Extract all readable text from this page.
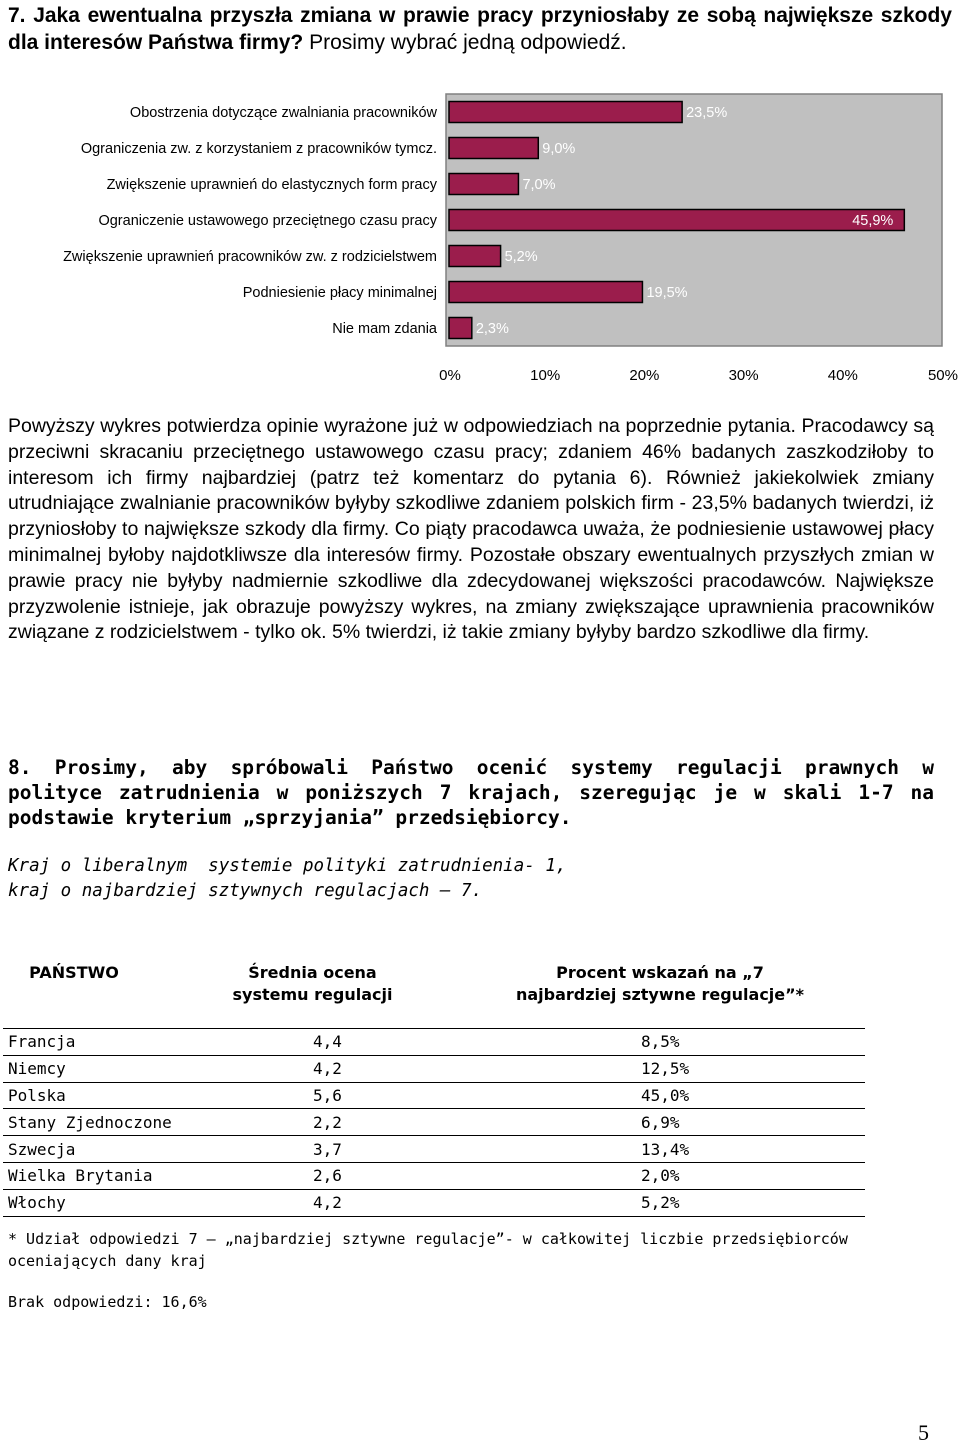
7. Jaka ewentualna przyszła zmiana w prawie pracy przyniosłaby ze sobą największe szkody dla interesów Państwa firmy? Prosimy wybrać jedną odpowiedź.
Obostrzenia dotyczące zwalniania pracowników
Ograniczenia zw. z korzystaniem z pracowników tymcz.
Zwiększenie uprawnień do elastycznych form pracy
Ograniczenie ustawowego przeciętnego czasu pracy
Zwiększenie uprawnień pracowników zw. z rodzicielstwem
Podniesienie płacy minimalnej
Nie mam zdania
23,5%
9,0%
7,0%
45,9%
5,2%
19,5%
2,3%
0%	10%	20%	30%	40%	50%
Powyższy wykres potwierdza opinie wyrażone już w odpowiedziach na poprzednie pytania. Pracodawcy są przeciwni skracaniu przeciętnego ustawowego czasu pracy; zdaniem 46% badanych zaszkodziłoby to interesom ich firmy najbardziej (patrz też komentarz do pytania 6). Również jakiekolwiek zmiany utrudniające zwalnianie pracowników byłyby szkodliwe zdaniem polskich firm - 23,5% badanych twierdzi, iż przyniosłoby to największe szkody dla firmy. Co piąty pracodawca uważa, że podniesienie ustawowej płacy minimalnej byłoby najdotkliwsze dla interesów firmy. Pozostałe obszary ewentualnych przyszłych zmian w prawie pracy nie byłyby nadmiernie szkodliwe dla zdecydowanej większości pracodawców. Największe przyzwolenie istnieje, jak obrazuje powyższy wykres, na zmiany zwiększające uprawnienia pracowników związane z rodzicielstwem - tylko ok. 5% twierdzi, iż takie zmiany byłyby bardzo szkodliwe dla firmy.
8. Prosimy, aby spróbowali Państwo ocenić systemy regulacji prawnych w polityce zatrudnienia w poniższych 7 krajach, szeregując je w skali 1-7 na podstawie kryterium „sprzyjania” przedsiębiorcy.
Kraj o liberalnym  systemie polityki zatrudnienia- 1,
kraj o najbardziej sztywnych regulacjach – 7.
PAŃSTWO	Średnia ocena
systemu regulacji
Procent wskazań na „7
najbardziej sztywne regulacje”*
Francja	4,4	8,5%
Niemcy	4,2	12,5%
Polska	5,6	45,0%
Stany Zjednoczone	2,2	6,9%
Szwecja	3,7	13,4%
Wielka Brytania	2,6	2,0%
Włochy	4,2	5,2%
* Udział odpowiedzi 7 – „najbardziej sztywne regulacje”- w całkowitej liczbie przedsiębiorców oceniających dany kraj
Brak odpowiedzi: 16,6%
5
